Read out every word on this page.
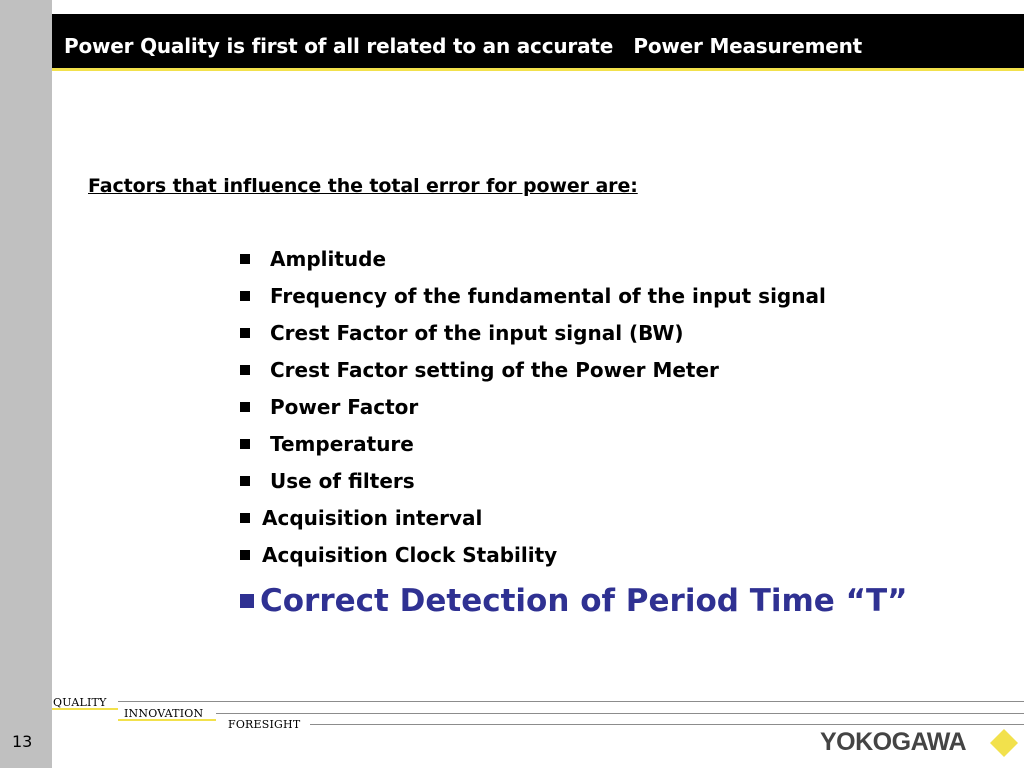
Power Quality is first of all related to an accurate   Power Measurement
Factors that influence the total error for power are:
Amplitude
Frequency of the fundamental of the input signal
Crest Factor of the input signal (BW)
Crest Factor setting of the Power Meter
Power Factor
Temperature
Use of filters
Acquisition interval
Acquisition Clock Stability
Correct Detection of Period Time “T”
QUALITY
INNOVATION
FORESIGHT
13	YOKOGAWA
